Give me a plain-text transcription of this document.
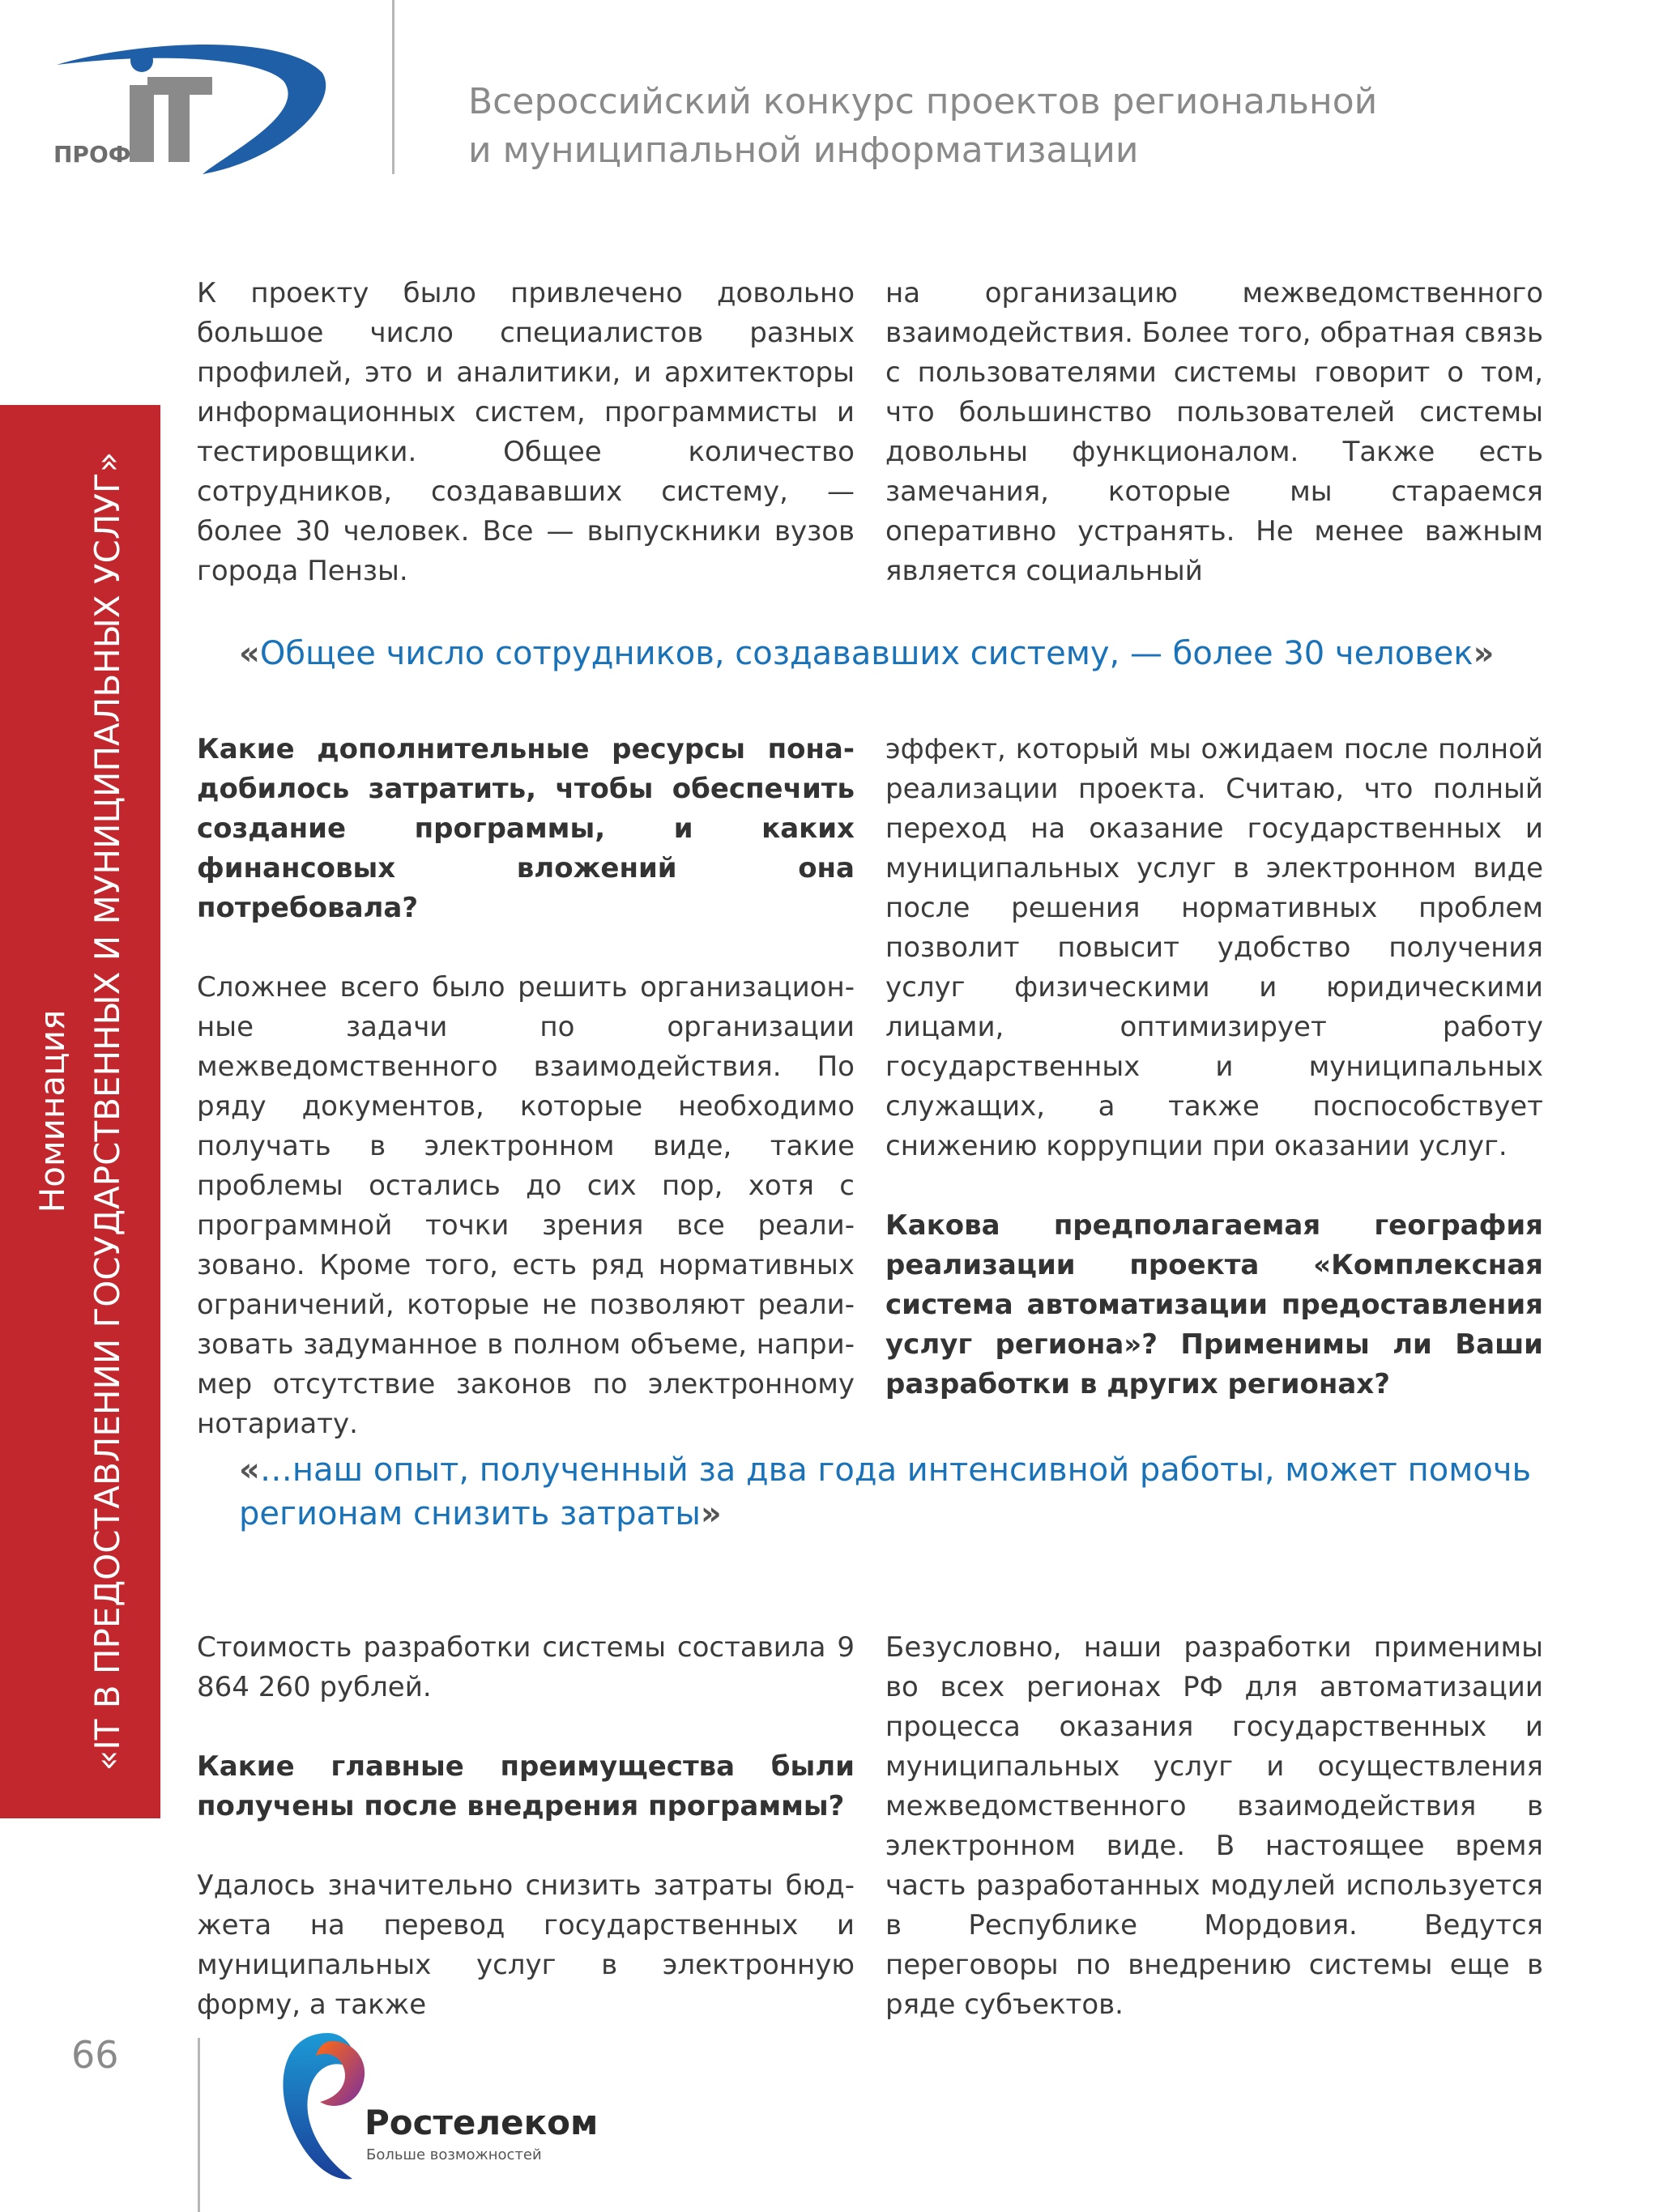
ПРОФ
Всероссийский конкурс проектов региональной
и муниципальной информатизации
Номинация «IT В ПРЕДОСТАВЛЕНИИ ГОСУДАРСТВЕННЫХ И МУНИЦИПАЛЬНЫХ УСЛУГ»

К проекту было привлечено довольно большое число специалистов разных профилей, это и аналитики, и архитекторы информационных систем, программисты и тестировщики. Общее количество сотрудников, создававших систему, — более 30 человек. Все — выпускники вузов города Пензы.

на организацию межведомственного взаимодействия. Более того, обратная связь с пользователями системы говорит о том, что большинство пользователей системы довольны функционалом. Также есть замечания, которые мы стараемся оперативно устранять. Не менее важным является социальный

«Общее число сотрудников, создававших систему, — более 30 человек»

Какие дополнительные ресурсы понадобилось затратить, чтобы обеспечить создание программы, и каких финансовых вложений она потребовала?

Сложнее всего было решить организационные задачи по организации межведомственного взаимодействия. По ряду документов, которые необходимо получать в электронном виде, такие проблемы остались до сих пор, хотя с программной точки зрения все реализовано. Кроме того, есть ряд нормативных ограничений, которые не позволяют реализовать задуманное в полном объеме, например отсутствие законов по электронному нотариату.

эффект, который мы ожидаем после полной реализации проекта. Считаю, что полный переход на оказание государственных и муниципальных услуг в электронном виде после решения нормативных проблем позволит повысит удобство получения услуг физическими и юридическими лицами, оптимизирует работу государственных и муниципальных служащих, а также поспособствует снижению коррупции при оказании услуг.

Какова предполагаемая география реализации проекта «Комплексная система автоматизации предоставления услуг региона»? Применимы ли Ваши разработки в других регионах?

«…наш опыт, полученный за два года интенсивной работы, может помочь
регионам снизить затраты»

Стоимость разработки системы составила 9 864 260 рублей.

Какие главные преимущества были получены после внедрения программы?

Удалось значительно снизить затраты бюджета на перевод государственных и муниципальных услуг в электронную форму, а также

Безусловно, наши разработки применимы во всех регионах РФ для автоматизации процесса оказания государственных и муниципальных услуг и осуществления межведомственного взаимодействия в электронном виде. В настоящее время часть разработанных модулей используется в Республике Мордовия. Ведутся переговоры по внедрению системы еще в ряде субъектов.

66
Ростелеком
Больше возможностей
